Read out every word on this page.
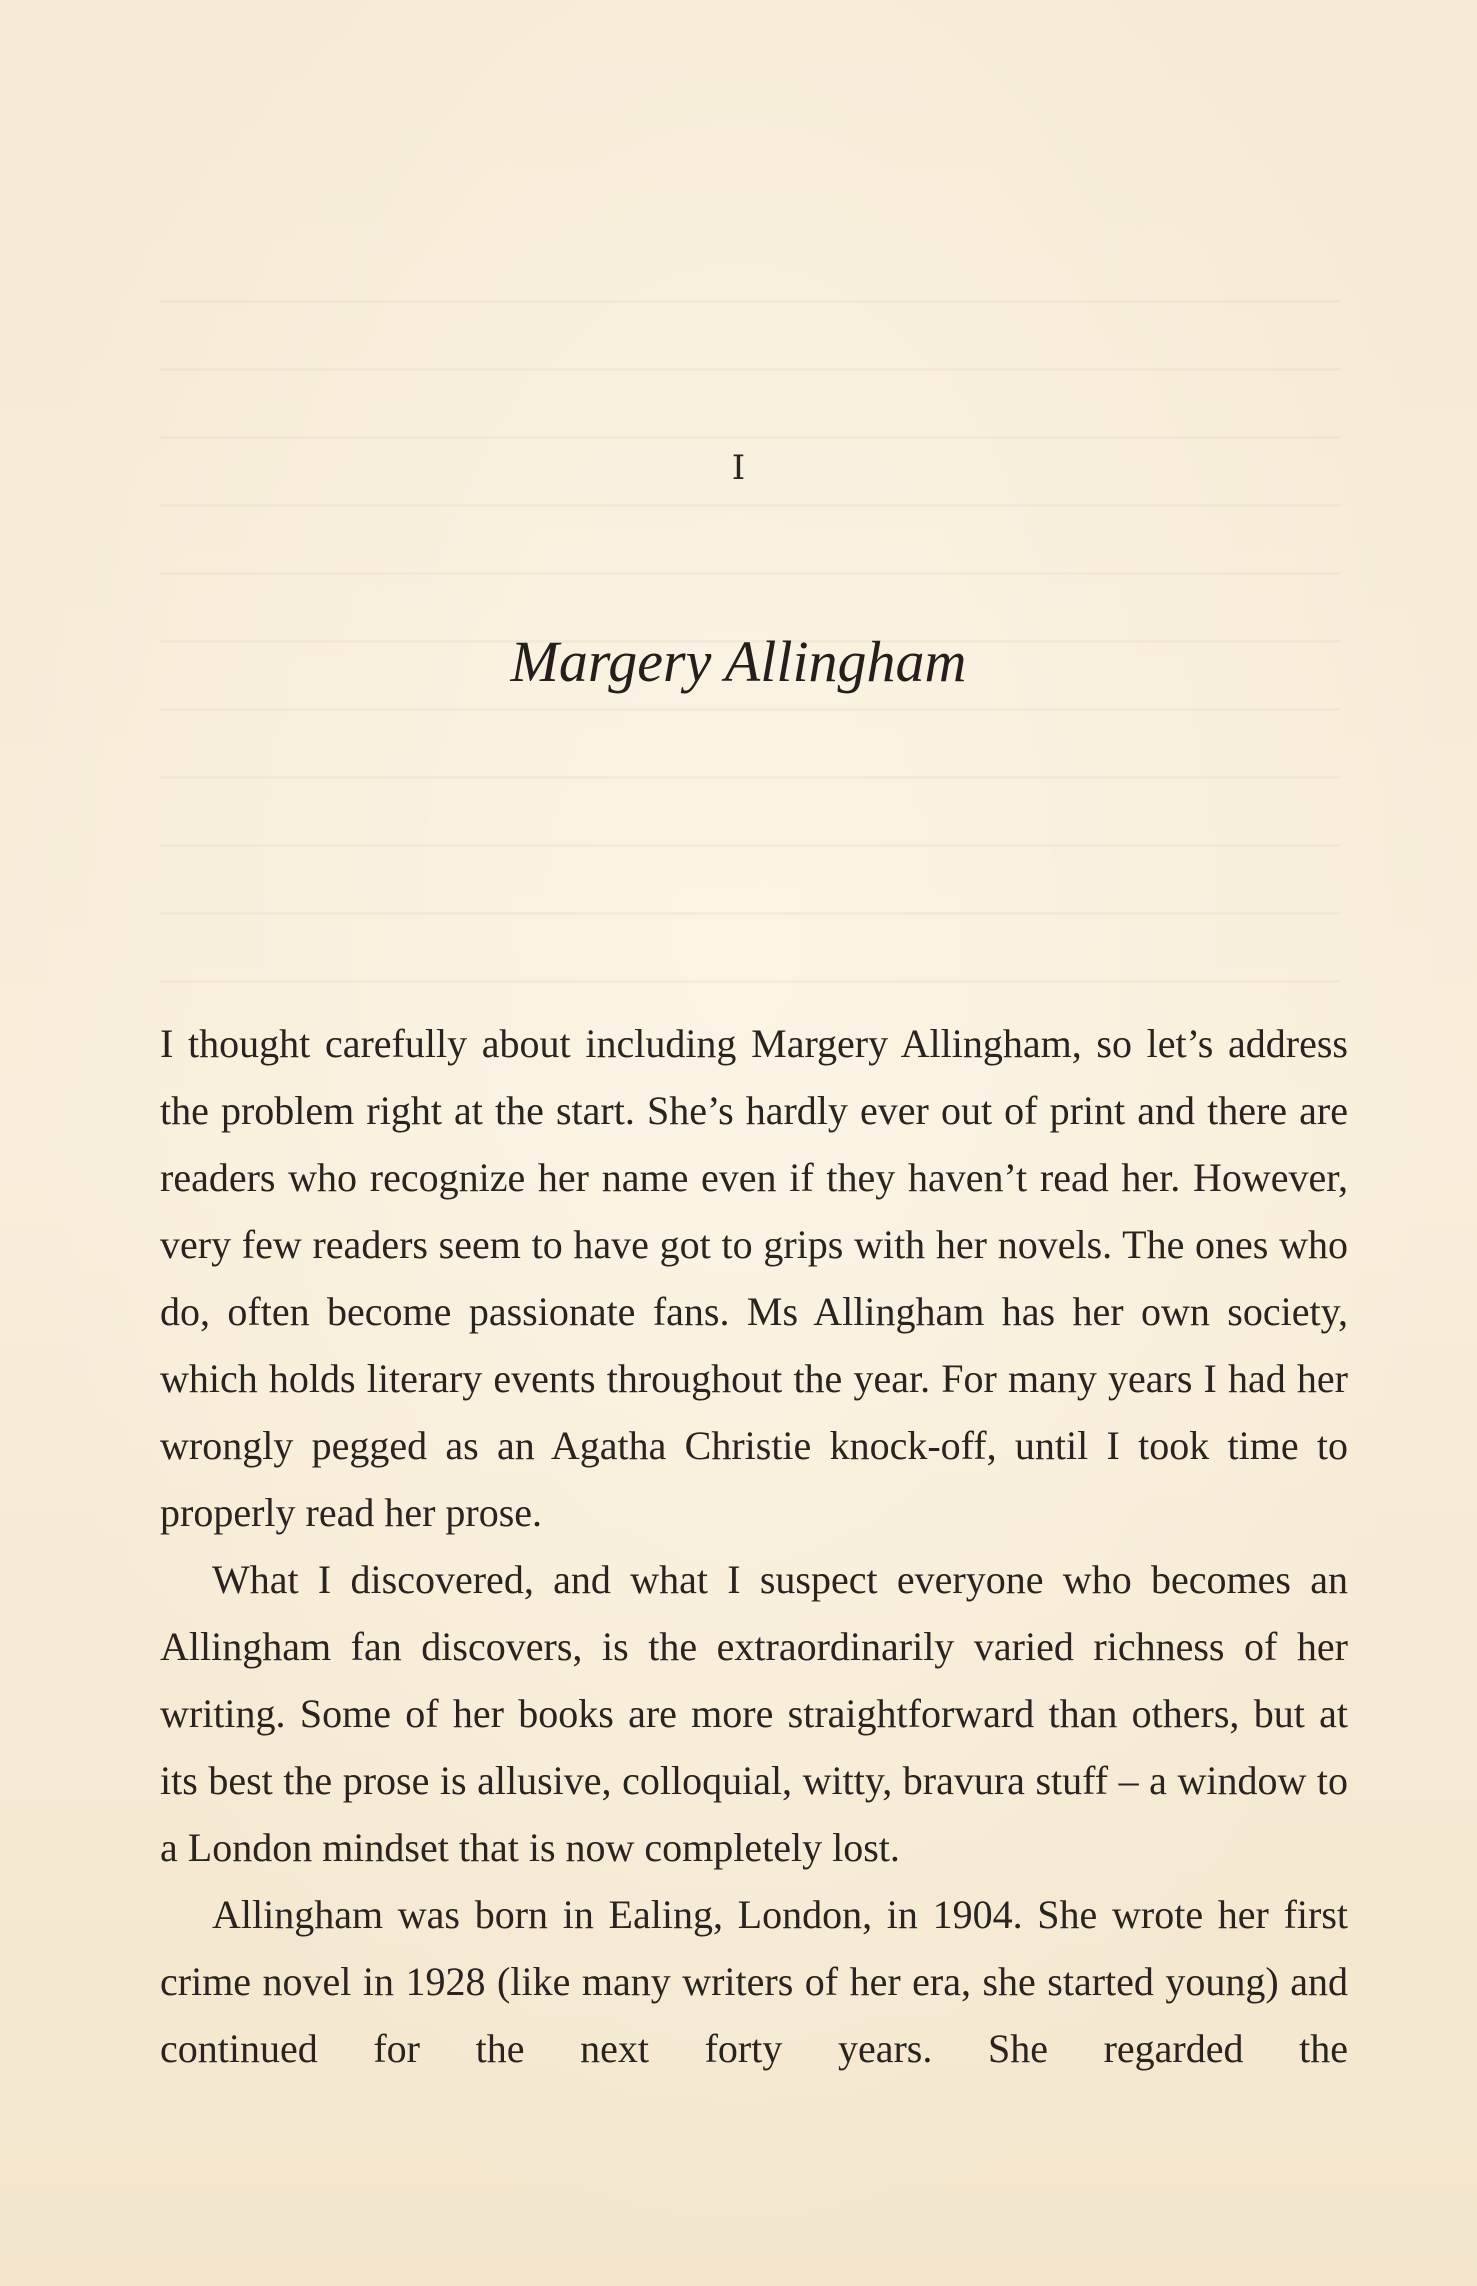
I
Margery Allingham

I thought carefully about including Margery Allingham, so let’s address the problem right at the start. She’s hardly ever out of print and there are readers who recognize her name even if they haven’t read her. However, very few readers seem to have got to grips with her novels. The ones who do, often become passionate fans. Ms Allingham has her own society, which holds literary events throughout the year. For many years I had her wrongly pegged as an Agatha Christie knock-off, until I took time to properly read her prose.

What I discovered, and what I suspect everyone who becomes an Allingham fan discovers, is the extraordinarily varied richness of her writing. Some of her books are more straightforward than others, but at its best the prose is allusive, colloquial, witty, bravura stuff – a window to a London mindset that is now completely lost.

Allingham was born in Ealing, London, in 1904. She wrote her first crime novel in 1928 (like many writers of her era, she started young) and continued for the next forty years. She regarded the
